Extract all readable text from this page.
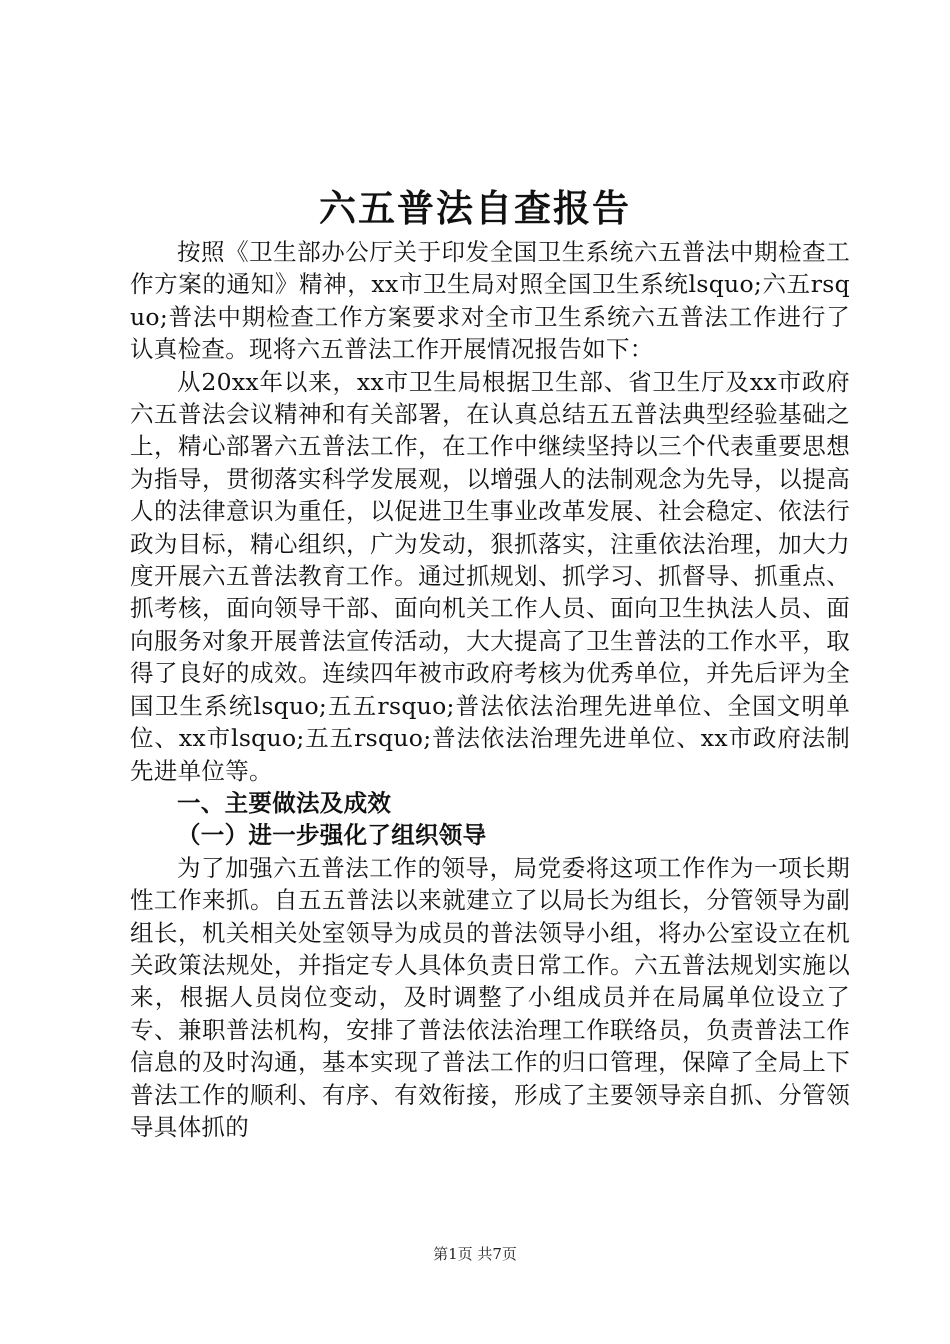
六五普法自查报告

按照《卫生部办公厅关于印发全国卫生系统六五普法中期检查工作方案的通知》精神，xx市卫生局对照全国卫生系统lsquo;六五rsquo;普法中期检查工作方案要求对全市卫生系统六五普法工作进行了认真检查。现将六五普法工作开展情况报告如下：

从20xx年以来，xx市卫生局根据卫生部、省卫生厅及xx市政府六五普法会议精神和有关部署，在认真总结五五普法典型经验基础之上，精心部署六五普法工作，在工作中继续坚持以三个代表重要思想为指导，贯彻落实科学发展观，以增强人的法制观念为先导，以提高人的法律意识为重任，以促进卫生事业改革发展、社会稳定、依法行政为目标，精心组织，广为发动，狠抓落实，注重依法治理，加大力度开展六五普法教育工作。通过抓规划、抓学习、抓督导、抓重点、抓考核，面向领导干部、面向机关工作人员、面向卫生执法人员、面向服务对象开展普法宣传活动，大大提高了卫生普法的工作水平，取得了良好的成效。连续四年被市政府考核为优秀单位，并先后评为全国卫生系统lsquo;五五rsquo;普法依法治理先进单位、全国文明单位、xx市lsquo;五五rsquo;普法依法治理先进单位、xx市政府法制先进单位等。

一、主要做法及成效
（一）进一步强化了组织领导

为了加强六五普法工作的领导，局党委将这项工作作为一项长期性工作来抓。自五五普法以来就建立了以局长为组长，分管领导为副组长，机关相关处室领导为成员的普法领导小组，将办公室设立在机关政策法规处，并指定专人具体负责日常工作。六五普法规划实施以来，根据人员岗位变动，及时调整了小组成员并在局属单位设立了专、兼职普法机构，安排了普法依法治理工作联络员，负责普法工作信息的及时沟通，基本实现了普法工作的归口管理，保障了全局上下普法工作的顺利、有序、有效衔接，形成了主要领导亲自抓、分管领导具体抓的

第1页 共7页
